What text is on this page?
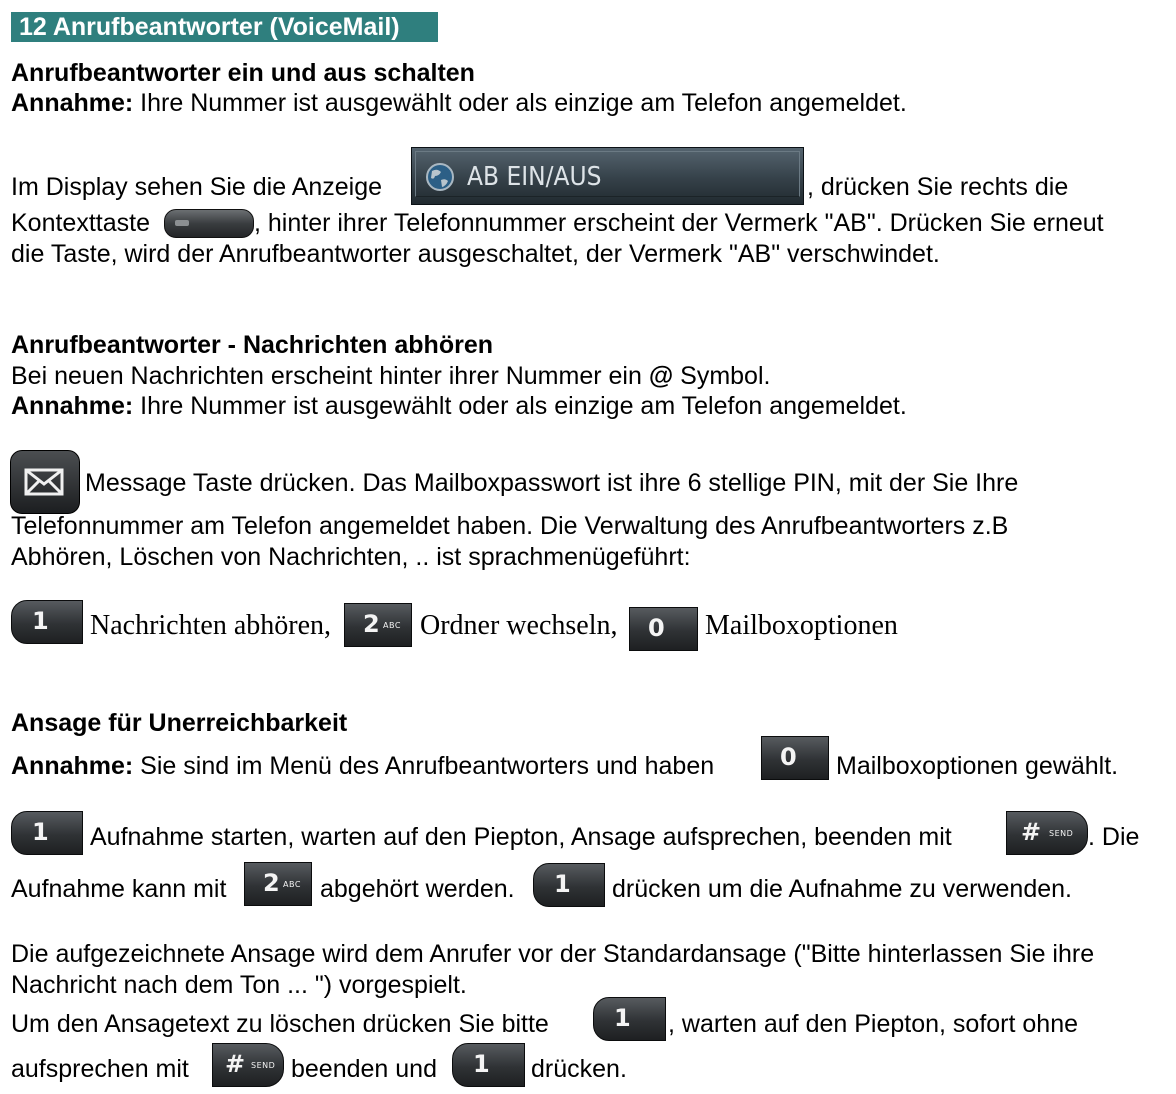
12 Anrufbeantworter (VoiceMail)
Anrufbeantworter ein und aus schalten
Annahme: Ihre Nummer ist ausgewählt oder als einzige am Telefon angemeldet.
Im Display sehen Sie die Anzeige	AB EIN/AUS	, drücken Sie rechts die
Kontexttaste	, hinter ihrer Telefonnummer erscheint der Vermerk "AB". Drücken Sie erneut
die Taste, wird der Anrufbeantworter ausgeschaltet, der Vermerk "AB" verschwindet.
Anrufbeantworter - Nachrichten abhören
Bei neuen Nachrichten erscheint hinter ihrer Nummer ein @ Symbol.
Annahme: Ihre Nummer ist ausgewählt oder als einzige am Telefon angemeldet.
Message Taste drücken. Das Mailboxpasswort ist ihre 6 stellige PIN, mit der Sie Ihre
Telefonnummer am Telefon angemeldet haben. Die Verwaltung des Anrufbeantworters z.B
Abhören, Löschen von Nachrichten, .. ist sprachmenügeführt:
1 Nachrichten abhören, 2 ABC Ordner wechseln, 0 Mailboxoptionen
Ansage für Unerreichbarkeit
Annahme: Sie sind im Menü des Anrufbeantworters und haben	0 Mailboxoptionen gewählt.
1 Aufnahme starten, warten auf den Piepton, Ansage aufsprechen, beenden mit	# SEND . Die
Aufnahme kann mit 2 ABC abgehört werden. 1 drücken um die Aufnahme zu verwenden.
Die aufgezeichnete Ansage wird dem Anrufer vor der Standardansage ("Bitte hinterlassen Sie ihre
Nachricht nach dem Ton ... ") vorgespielt.
Um den Ansagetext zu löschen drücken Sie bitte	1 , warten auf den Piepton, sofort ohne
aufsprechen mit # SEND beenden und 1 drücken.
